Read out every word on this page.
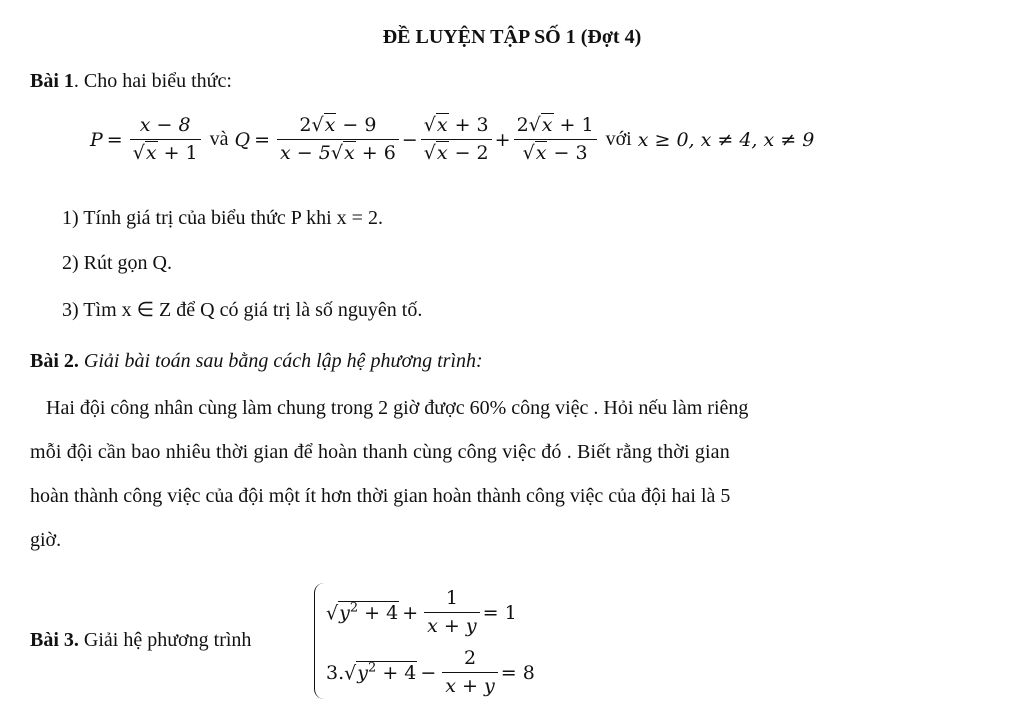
ĐỀ LUYỆN TẬP SỐ 1 (Đợt 4)
Bài 1. Cho hai biểu thức:
$P = \frac{x - 8}{√x + 1}$ và $Q = \frac{2√x - 9}{x - 5√x + 6} - \frac{√x + 3}{√x - 2} + \frac{2√x + 1}{√x - 3}$ với x ≥ 0, x ≠ 4, x ≠ 9
1) Tính giá trị của biểu thức P khi x = 2.
2) Rút gọn Q.
3) Tìm x ∈ Z để Q có giá trị là số nguyên tố.
Bài 2. Giải bài toán sau bằng cách lập hệ phương trình:
Hai đội công nhân cùng làm chung trong 2 giờ được 60% công việc . Hỏi nếu làm riêng
mỗi đội cần bao nhiêu thời gian để hoàn thanh cùng công việc đó . Biết rằng thời gian
hoàn thành công việc của đội một ít hơn thời gian hoàn thành công việc của đội hai là 5
giờ.
Bài 3. Giải hệ phương trình
$√y^2 + 4 + \frac{1}{x + y} = 1$
3. $√y^2 + 4 - \frac{2}{x + y} = 8$
